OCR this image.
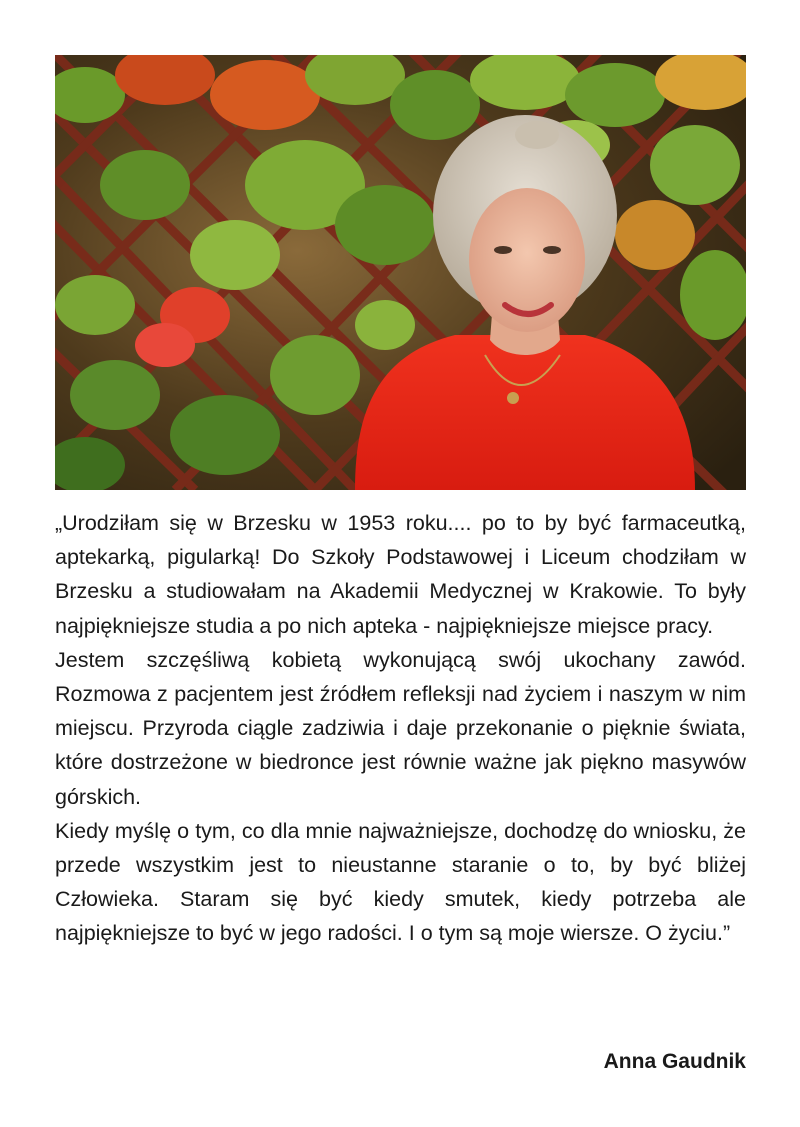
„Urodziłam się w Brzesku w 1953 roku.... po to by być farmaceutką, aptekarką, pigularką! Do Szkoły Podstawowej i Liceum chodziłam w Brzesku a studiowałam na Akademii Medycznej w Krakowie. To były najpiękniejsze studia a po nich apteka - najpiękniejsze miejsce pracy.

Jestem szczęśliwą kobietą wykonującą swój ukochany zawód. Rozmowa z pacjentem jest źródłem refleksji nad życiem i naszym w nim miejscu. Przyroda ciągle zadziwia i daje przekonanie o pięknie świata, które dostrzeżone w biedronce jest równie ważne jak piękno masywów górskich.

Kiedy myślę o tym, co dla mnie najważniejsze, dochodzę do wniosku, że przede wszystkim jest to nieustanne staranie o to, by być bliżej Człowieka. Staram się być kiedy smutek, kiedy potrzeba ale najpiękniejsze to być w jego radości. I o tym są moje wiersze. O życiu.”

Anna Gaudnik
